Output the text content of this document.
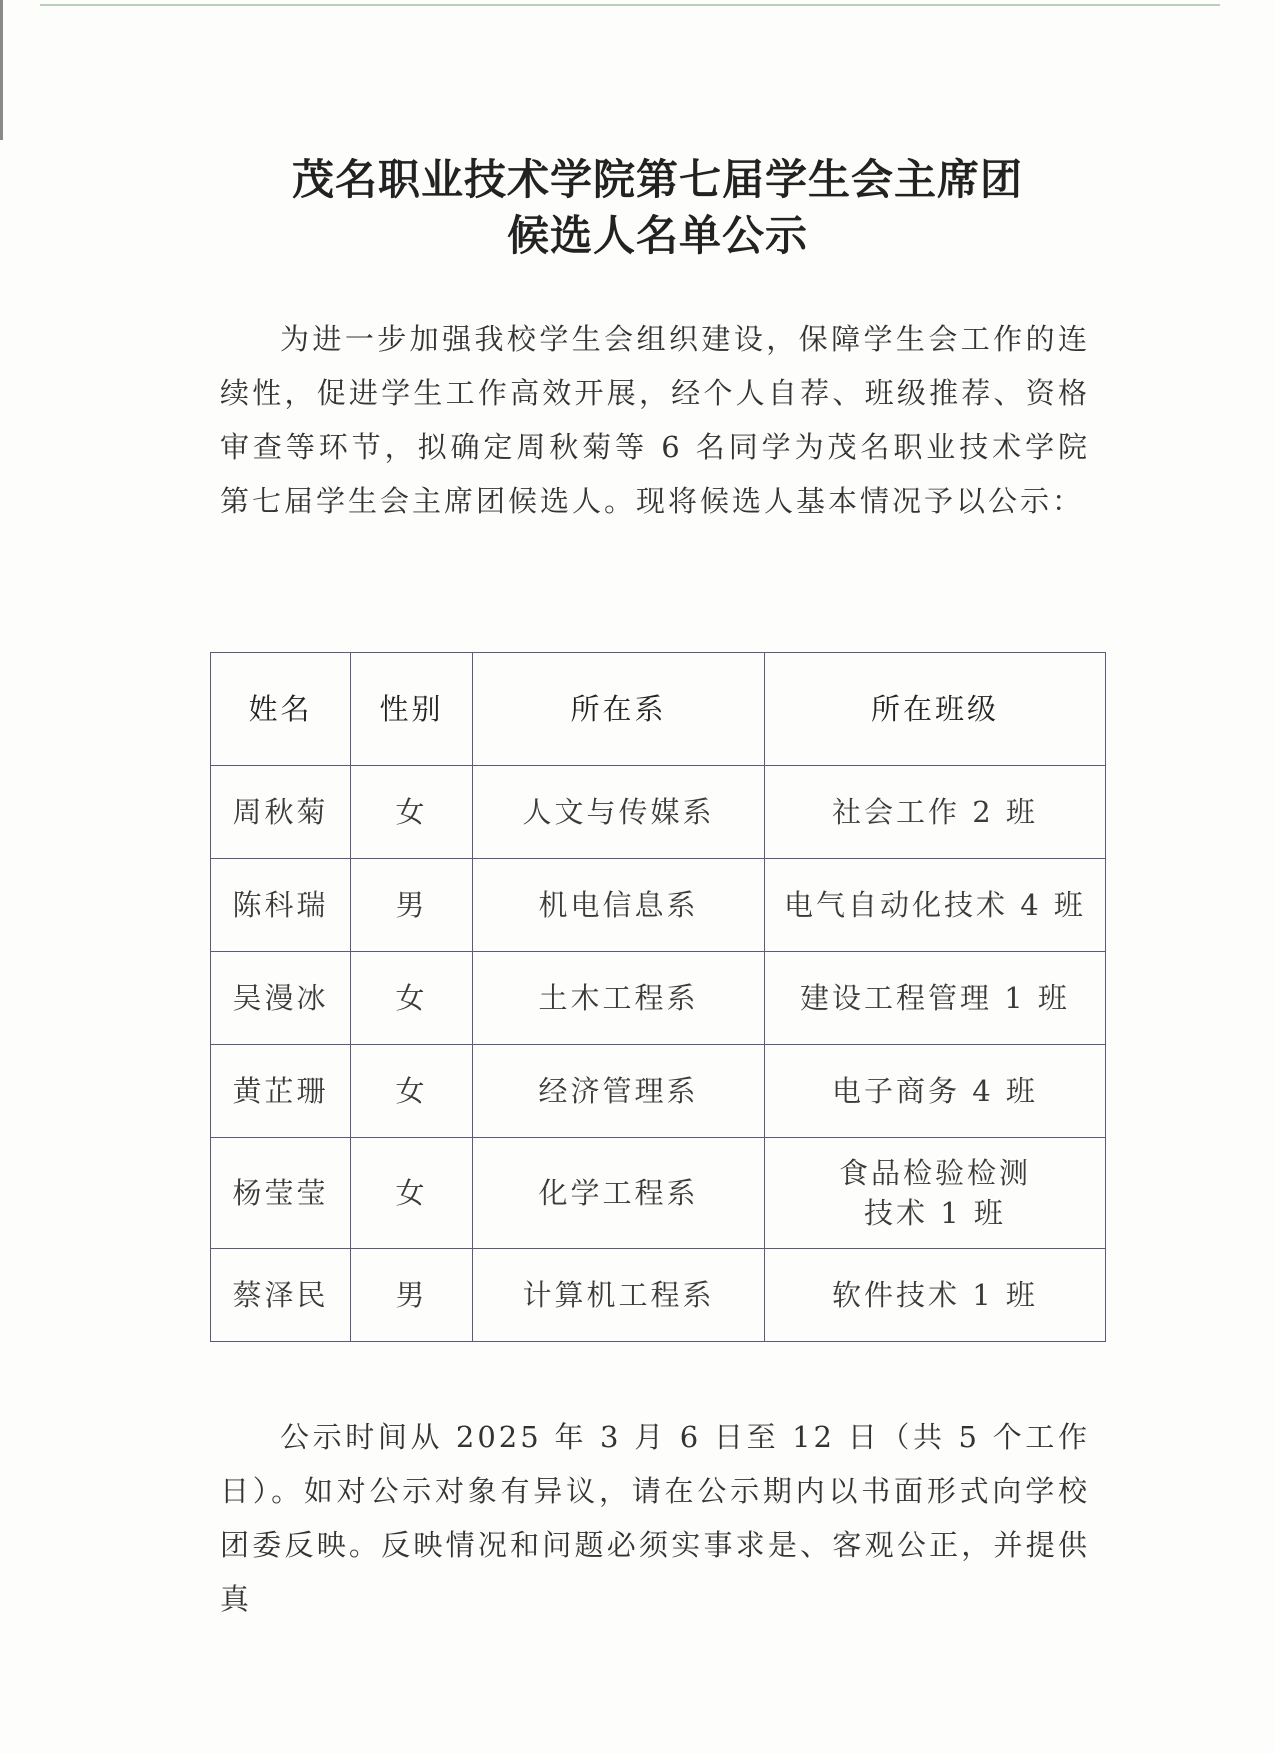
茂名职业技术学院第七届学生会主席团
候选人名单公示

为进一步加强我校学生会组织建设，保障学生会工作的连续性，促进学生工作高效开展，经个人自荐、班级推荐、资格审查等环节，拟确定周秋菊等 6 名同学为茂名职业技术学院第七届学生会主席团候选人。现将候选人基本情况予以公示：

姓名	性别	所在系	所在班级
周秋菊	女	人文与传媒系	社会工作 2 班
陈科瑞	男	机电信息系	电气自动化技术 4 班
吴漫冰	女	土木工程系	建设工程管理 1 班
黄芷珊	女	经济管理系	电子商务 4 班
杨莹莹	女	化学工程系	食品检验检测技术 1 班
蔡泽民	男	计算机工程系	软件技术 1 班

公示时间从 2025 年 3 月 6 日至 12 日（共 5 个工作日）。如对公示对象有异议，请在公示期内以书面形式向学校团委反映。反映情况和问题必须实事求是、客观公正，并提供真
